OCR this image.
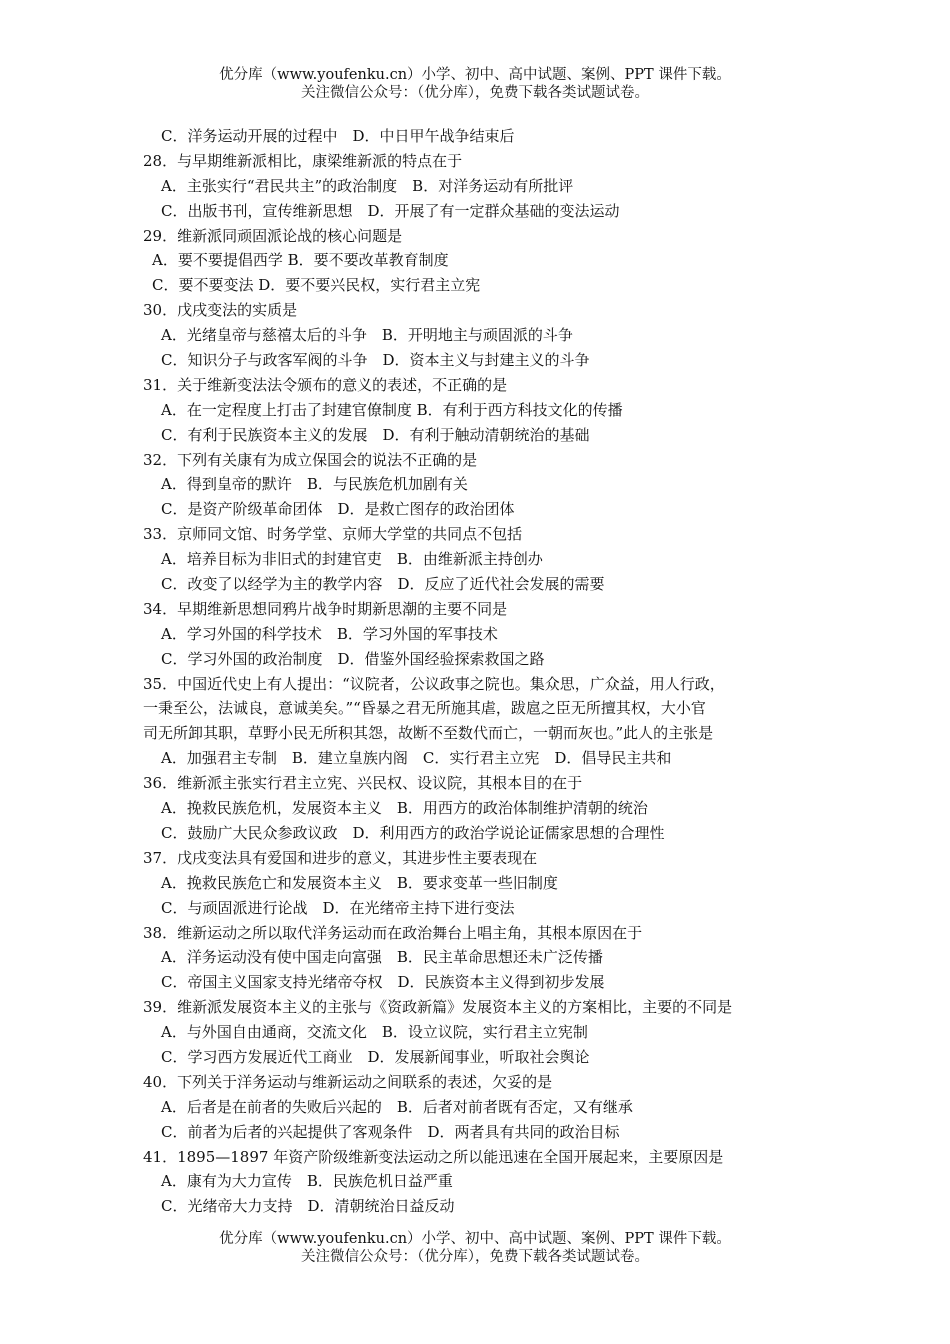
优分库（www.youfenku.cn）小学、初中、高中试题、案例、PPT 课件下载。
关注微信公众号：（优分库），免费下载各类试题试卷。
C．洋务运动开展的过程中　D．中日甲午战争结束后
28．与早期维新派相比，康梁维新派的特点在于
A．主张实行“君民共主”的政治制度　B．对洋务运动有所批评
C．出版书刊，宣传维新思想　D．开展了有一定群众基础的变法运动
29．维新派同顽固派论战的核心问题是
A．要不要提倡西学 B．要不要改革教育制度
C．要不要变法 D．要不要兴民权，实行君主立宪
30．戊戌变法的实质是
A．光绪皇帝与慈禧太后的斗争　B．开明地主与顽固派的斗争
C．知识分子与政客军阀的斗争　D．资本主义与封建主义的斗争
31．关于维新变法法令颁布的意义的表述，不正确的是
A．在一定程度上打击了封建官僚制度 B．有利于西方科技文化的传播
C．有利于民族资本主义的发展　D．有利于触动清朝统治的基础
32．下列有关康有为成立保国会的说法不正确的是
A．得到皇帝的默许　B．与民族危机加剧有关
C．是资产阶级革命团体　D．是救亡图存的政治团体
33．京师同文馆、时务学堂、京师大学堂的共同点不包括
A．培养目标为非旧式的封建官吏　B．由维新派主持创办
C．改变了以经学为主的教学内容　D．反应了近代社会发展的需要
34．早期维新思想同鸦片战争时期新思潮的主要不同是
A．学习外国的科学技术　B．学习外国的军事技术
C．学习外国的政治制度　D．借鉴外国经验探索救国之路
35．中国近代史上有人提出：“议院者，公议政事之院也。集众思，广众益，用人行政，
一秉至公，法诚良，意诚美矣。”“昏暴之君无所施其虐，跋扈之臣无所擅其权，大小官
司无所卸其职，草野小民无所积其怨，故断不至数代而亡，一朝而灰也。”此人的主张是
A．加强君主专制　B．建立皇族内阁　C．实行君主立宪　D．倡导民主共和
36．维新派主张实行君主立宪、兴民权、设议院，其根本目的在于
A．挽救民族危机，发展资本主义　B．用西方的政治体制维护清朝的统治
C．鼓励广大民众参政议政　D．利用西方的政治学说论证儒家思想的合理性
37．戊戌变法具有爱国和进步的意义，其进步性主要表现在
A．挽救民族危亡和发展资本主义　B．要求变革一些旧制度
C．与顽固派进行论战　D．在光绪帝主持下进行变法
38．维新运动之所以取代洋务运动而在政治舞台上唱主角，其根本原因在于
A．洋务运动没有使中国走向富强　B．民主革命思想还未广泛传播
C．帝国主义国家支持光绪帝夺权　D．民族资本主义得到初步发展
39．维新派发展资本主义的主张与《资政新篇》发展资本主义的方案相比，主要的不同是
A．与外国自由通商，交流文化　B．设立议院，实行君主立宪制
C．学习西方发展近代工商业　D．发展新闻事业，听取社会舆论
40．下列关于洋务运动与维新运动之间联系的表述，欠妥的是
A．后者是在前者的失败后兴起的　B．后者对前者既有否定，又有继承
C．前者为后者的兴起提供了客观条件　D．两者具有共同的政治目标
41．1895—1897 年资产阶级维新变法运动之所以能迅速在全国开展起来，主要原因是
A．康有为大力宣传　B．民族危机日益严重
C．光绪帝大力支持　D．清朝统治日益反动
优分库（www.youfenku.cn）小学、初中、高中试题、案例、PPT 课件下载。
关注微信公众号：（优分库），免费下载各类试题试卷。
